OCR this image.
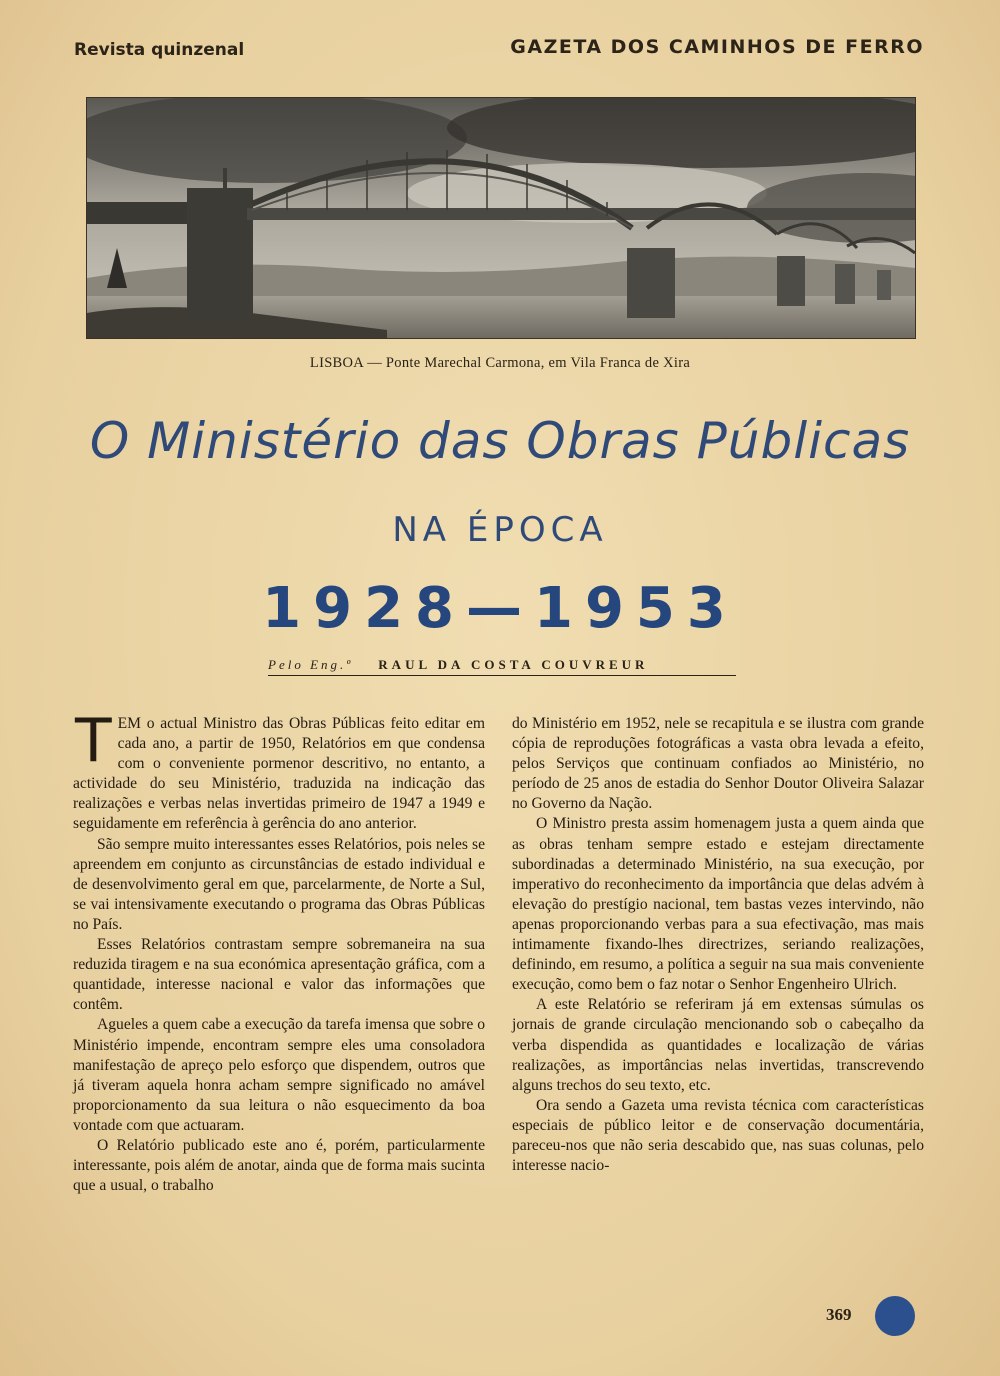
Revista quinzenal	GAZETA DOS CAMINHOS DE FERRO
LISBOA — Ponte Marechal Carmona, em Vila Franca de Xira
O Ministério das Obras Públicas
NA ÉPOCA
1928—1953
Pelo Eng.º RAUL DA COSTA COUVREUR

TEM o actual Ministro das Obras Públicas feito editar em cada ano, a partir de 1950, Relatórios em que condensa com o conveniente pormenor descritivo, no entanto, a actividade do seu Ministério, traduzida na indicação das realizações e verbas nelas invertidas primeiro de 1947 a 1949 e seguidamente em referência à gerência do ano anterior.

São sempre muito interessantes esses Relatórios, pois neles se apreendem em conjunto as circunstâncias de estado individual e de desenvolvimento geral em que, parcelarmente, de Norte a Sul, se vai intensivamente executando o programa das Obras Públicas no País.

Esses Relatórios contrastam sempre sobremaneira na sua reduzida tiragem e na sua económica apresentação gráfica, com a quantidade, interesse nacional e valor das informações que contêm.

Agueles a quem cabe a execução da tarefa imensa que sobre o Ministério impende, encontram sempre eles uma consoladora manifestação de apreço pelo esforço que dispendem, outros que já tiveram aquela honra acham sempre significado no amável proporcionamento da sua leitura o não esquecimento da boa vontade com que actuaram.

O Relatório publicado este ano é, porém, particularmente interessante, pois além de anotar, ainda que de forma mais sucinta que a usual, o trabalho

do Ministério em 1952, nele se recapitula e se ilustra com grande cópia de reproduções fotográficas a vasta obra levada a efeito, pelos Serviços que continuam confiados ao Ministério, no período de 25 anos de estadia do Senhor Doutor Oliveira Salazar no Governo da Nação.

O Ministro presta assim homenagem justa a quem ainda que as obras tenham sempre estado e estejam directamente subordinadas a determinado Ministério, na sua execução, por imperativo do reconhecimento da importância que delas advém à elevação do prestígio nacional, tem bastas vezes intervindo, não apenas proporcionando verbas para a sua efectivação, mas mais intimamente fixando-lhes directrizes, seriando realizações, definindo, em resumo, a política a seguir na sua mais conveniente execução, como bem o faz notar o Senhor Engenheiro Ulrich.

A este Relatório se referiram já em extensas súmulas os jornais de grande circulação mencionando sob o cabeçalho da verba dispendida as quantidades e localização de várias realizações, as importâncias nelas invertidas, transcrevendo alguns trechos do seu texto, etc.

Ora sendo a Gazeta uma revista técnica com características especiais de público leitor e de conservação documentária, pareceu-nos que não seria descabido que, nas suas colunas, pelo interesse nacio-

369
